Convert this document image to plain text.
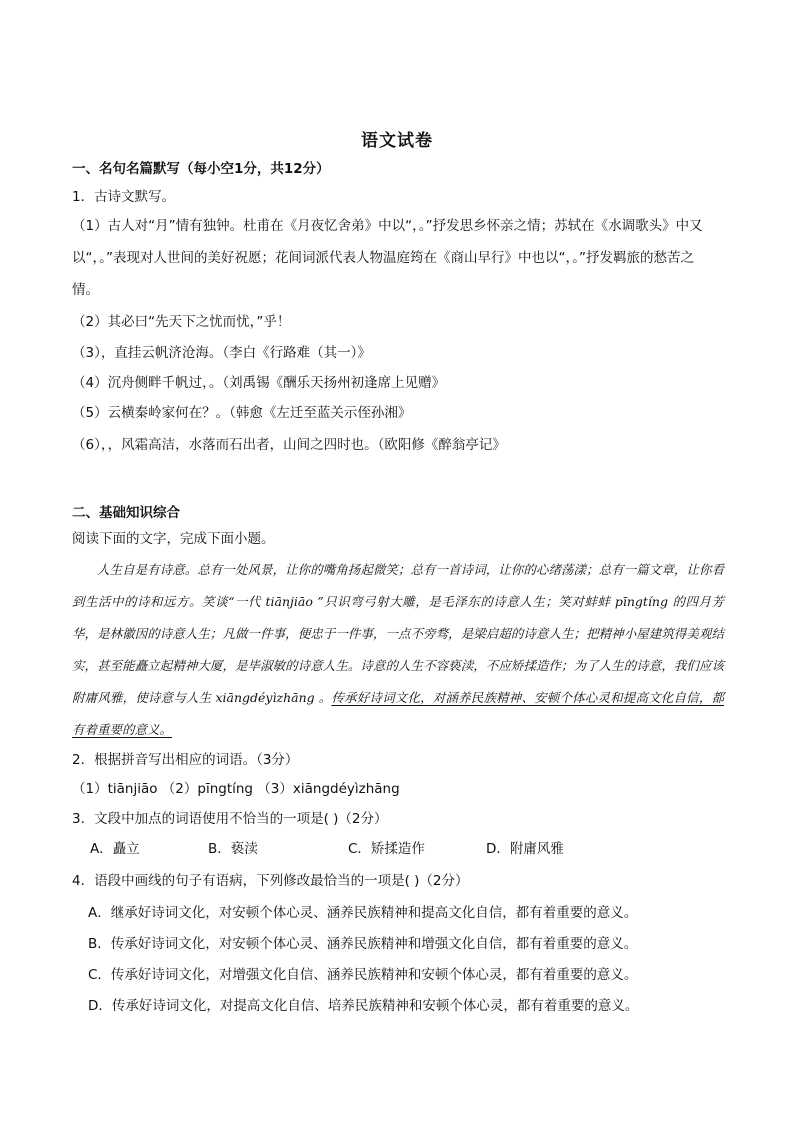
语文试卷
一、名句名篇默写（每小空1分，共12分）
1．古诗文默写。
（1）古人对“月”情有独钟。杜甫在《月夜忆舍弟》中以“，。”抒发思乡怀亲之情；苏轼在《水调歌头》中又
以“，。”表现对人世间的美好祝愿；花间词派代表人物温庭筠在《商山早行》中也以“，。”抒发羁旅的愁苦之
情。
（2）其必曰“先天下之忧而忧，”乎！
（3），直挂云帆济沧海。（李白《行路难（其一）》
（4）沉舟侧畔千帆过，。（刘禹锡《酬乐天扬州初逢席上见赠》
（5）云横秦岭家何在？。（韩愈《左迁至蓝关示侄孙湘》
（6），，风霜高洁，水落而石出者，山间之四时也。（欧阳修《醉翁亭记》
二、基础知识综合
阅读下面的文字，完成下面小题。
人生自是有诗意。总有一处风景，让你的嘴角扬起微笑；总有一首诗词，让你的心绪荡漾；总有一篇文章，让你看到生活中的诗和远方。笑谈“一代 tiānjiāo ”只识弯弓射大雕，是毛泽东的诗意人生；笑对蚌蚌 pīngtíng 的四月芳华，是林徽因的诗意人生；凡做一件事，便忠于一件事，一点不旁骛，是梁启超的诗意人生；把精神小屋建筑得美观结实，甚至能矗立起精神大厦，是毕淑敏的诗意人生。诗意的人生不容亵渎，不应矫揉造作；为了人生的诗意，我们应该附庸风雅，使诗意与人生 xiāngdéyìzhāng 。传承好诗词文化，对涵养民族精神、安顿个体心灵和提高文化自信，都有着重要的意义。
2．根据拼音写出相应的词语。（3分）
（1）tiānjiāo （2）pīngtíng （3）xiāngdéyìzhāng
3．文段中加点的词语使用不恰当的一项是( )（2分）
A．矗立	B．亵渎	C．矫揉造作	D．附庸风雅
4．语段中画线的句子有语病，下列修改最恰当的一项是( )（2分）
A．继承好诗词文化，对安顿个体心灵、涵养民族精神和提高文化自信，都有着重要的意义。
B．传承好诗词文化，对安顿个体心灵、涵养民族精神和增强文化自信，都有着重要的意义。
C．传承好诗词文化，对增强文化自信、涵养民族精神和安顿个体心灵，都有着重要的意义。
D．传承好诗词文化，对提高文化自信、培养民族精神和安顿个体心灵，都有着重要的意义。
